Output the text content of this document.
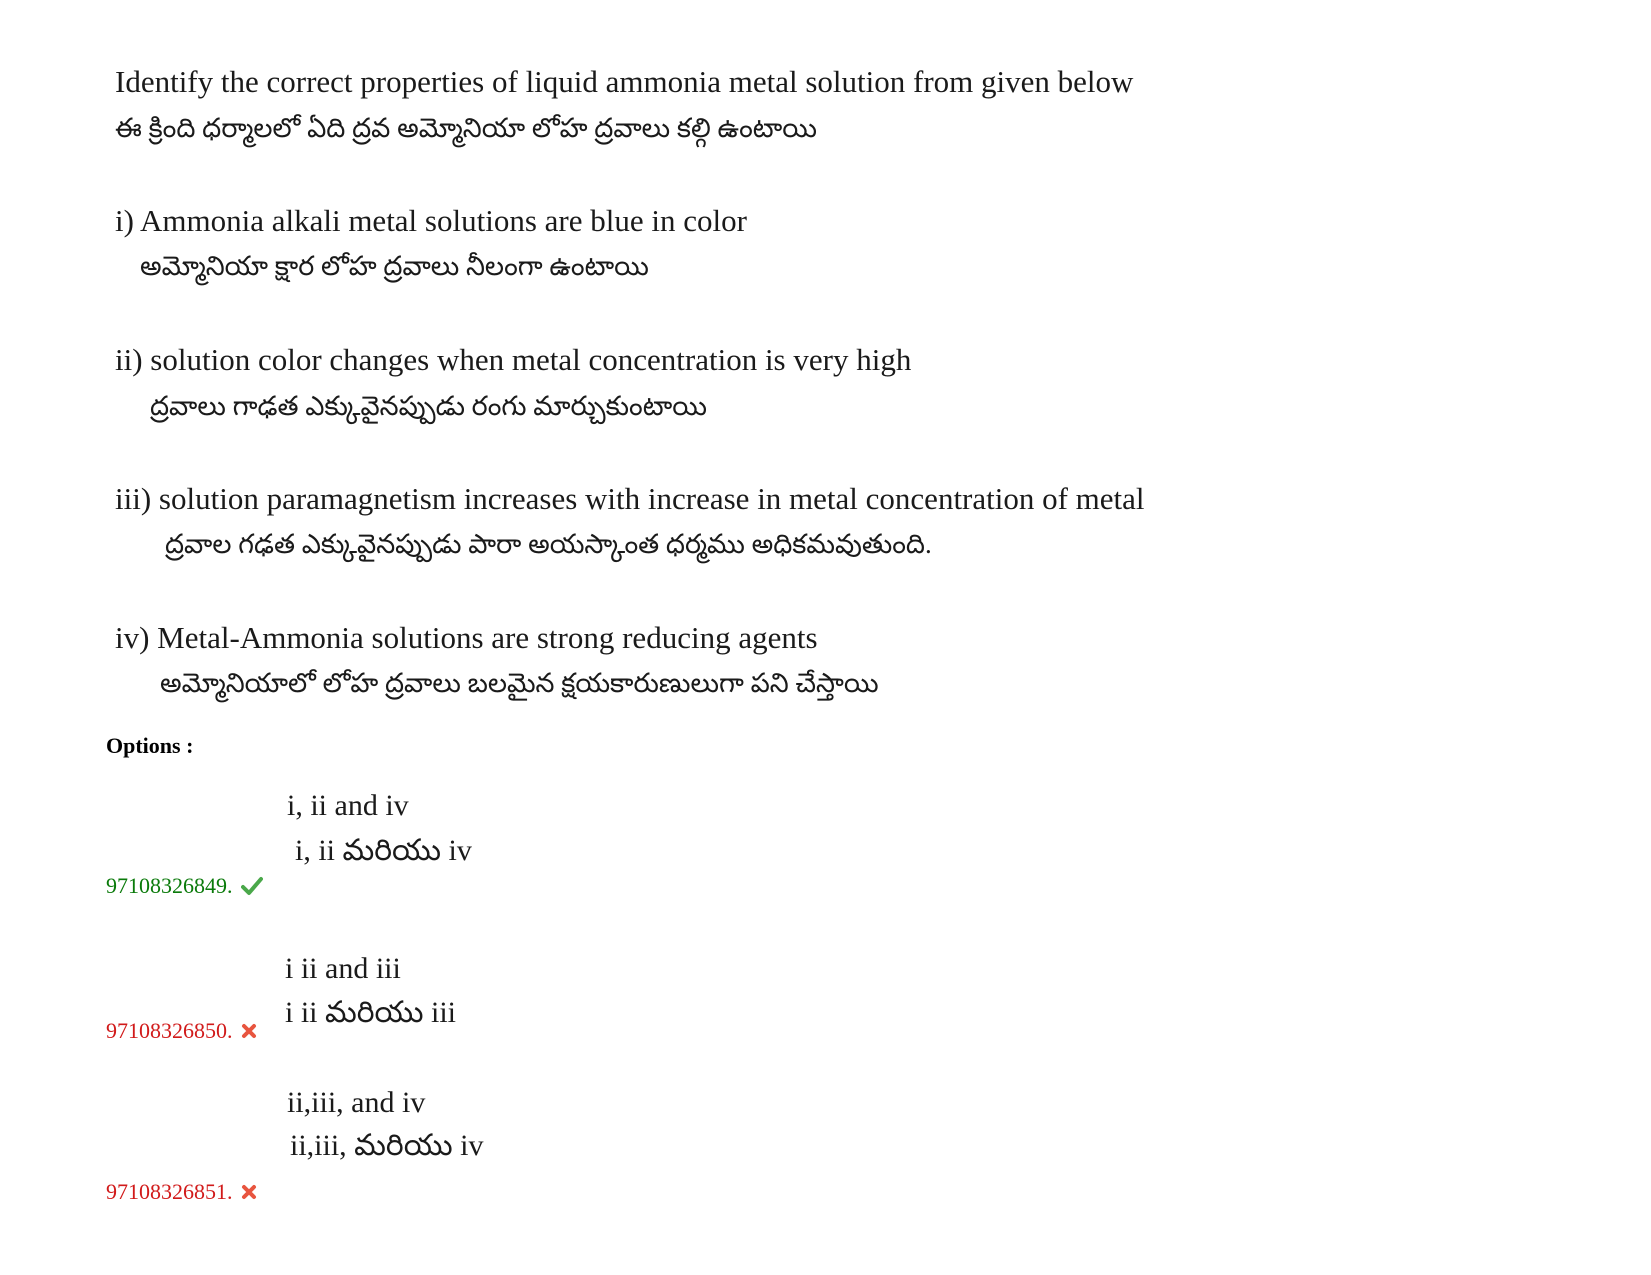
Identify the correct properties of liquid ammonia metal solution from given below
ఈ క్రింది ధర్మాలలో ఏది ద్రవ అమ్మోనియా లోహ ద్రవాలు కల్గి ఉంటాయి
i) Ammonia alkali metal solutions are blue in color
అమ్మోనియా క్షార లోహ ద్రవాలు నీలంగా ఉంటాయి
ii) solution color changes when metal concentration is very high
ద్రవాలు గాఢత ఎక్కువైనప్పుడు రంగు మార్చుకుంటాయి
iii) solution paramagnetism increases with increase in metal concentration of metal
ద్రవాల గఢత ఎక్కువైనప్పుడు పారా అయస్కాంత ధర్మము అధికమవుతుంది.
iv) Metal-Ammonia solutions are strong reducing agents
అమ్మోనియాలో లోహ ద్రవాలు బలమైన క్షయకారుణులుగా పని చేస్తాయి
Options :
i, ii and iv
i, ii మరియు iv
97108326849.
i ii and iii
i ii మరియు iii
97108326850.
ii,iii, and iv
ii,iii, మరియు iv
97108326851.
